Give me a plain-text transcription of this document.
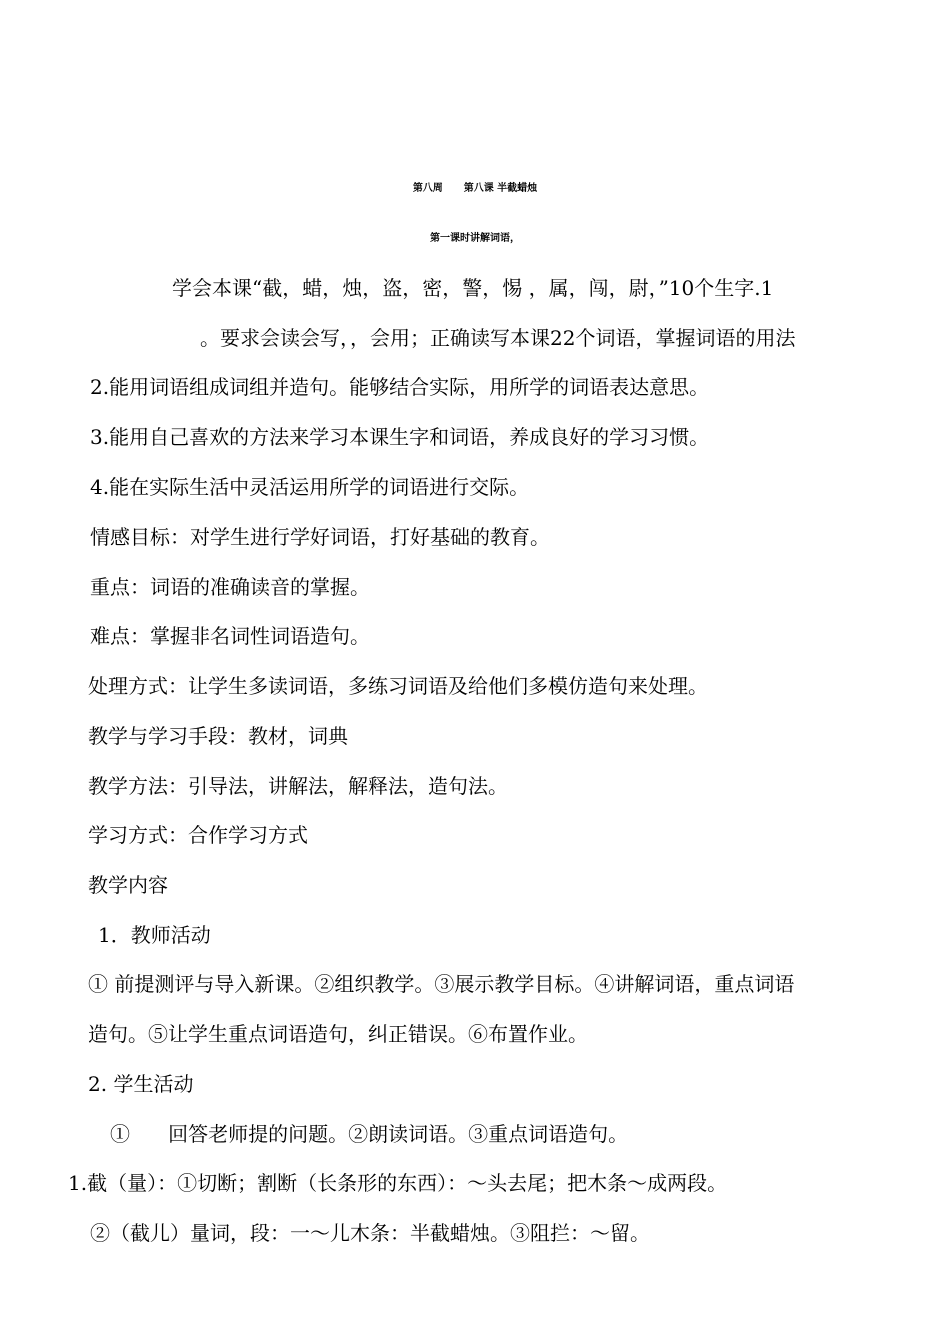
第八周      第八课 半截蜡烛
第一课时讲解词语，
学会本课“截，蜡，烛，盗，密，警，惕 ，属，闯，尉，”10个生字.1
。要求会读会写，，会用；正确读写本课22个词语，掌握词语的用法
2.能用词语组成词组并造句。能够结合实际，用所学的词语表达意思。
3.能用自己喜欢的方法来学习本课生字和词语，养成良好的学习习惯。
4.能在实际生活中灵活运用所学的词语进行交际。
情感目标：对学生进行学好词语，打好基础的教育。
重点：词语的准确读音的掌握。
难点：掌握非名词性词语造句。
处理方式：让学生多读词语，多练习词语及给他们多模仿造句来处理。
教学与学习手段：教材，词典
教学方法：引导法，讲解法，解释法，造句法。
学习方式：合作学习方式
教学内容
1．教师活动
① 前提测评与导入新课。②组织教学。③展示教学目标。④讲解词语，重点词语
造句。⑤让学生重点词语造句，纠正错误。⑥布置作业。
2. 学生活动
①      回答老师提的问题。②朗读词语。③重点词语造句。
1.截（量）：①切断；割断（长条形的东西）：～头去尾；把木条～成两段。
②（截儿）量词，段：一～儿木条：半截蜡烛。③阻拦：～留。
